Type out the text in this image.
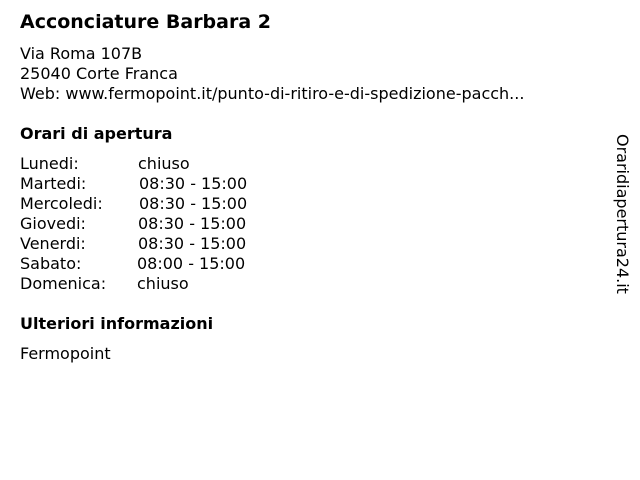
Acconciature Barbara 2
Via Roma 107B
25040 Corte Franca
Web: www.fermopoint.it/punto-di-ritiro-e-di-spedizione-pacch...
Orari di apertura
Lunedi:	chiuso
Martedi:	08:30 - 15:00
Mercoledi: 08:30 - 15:00
Giovedi:	08:30 - 15:00
Venerdi:	08:30 - 15:00
Sabato:	08:00 - 15:00
Domenica: chiuso
Ulteriori informazioni
Fermopoint
Oraridiapertura24.it
